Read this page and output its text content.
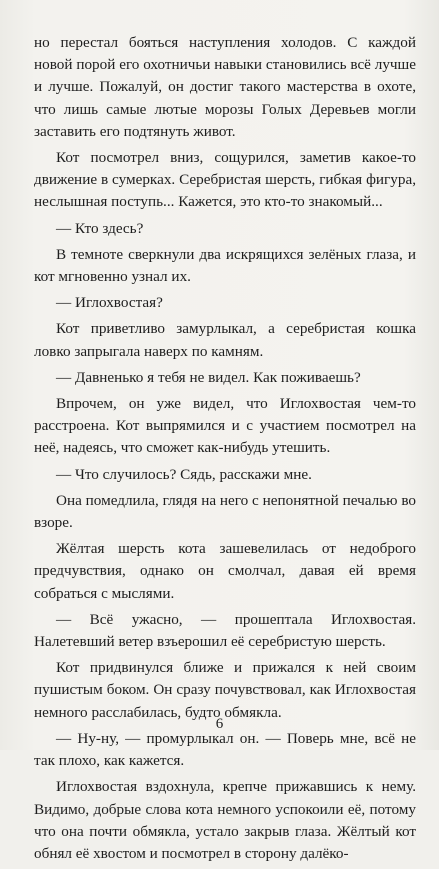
но перестал бояться наступления холодов. С каждой новой порой его охотничьи навыки становились всё лучше и лучше. Пожалуй, он достиг такого мастерства в охоте, что лишь самые лютые морозы Голых Деревьев могли заставить его подтянуть живот.

Кот посмотрел вниз, сощурился, заметив какое-то движение в сумерках. Серебристая шерсть, гибкая фигура, неслышная поступь... Кажется, это кто-то знакомый...

— Кто здесь?

В темноте сверкнули два искрящихся зелёных глаза, и кот мгновенно узнал их.

— Иглохвостая?

Кот приветливо замурлыкал, а серебристая кошка ловко запрыгала наверх по камням.

— Давненько я тебя не видел. Как поживаешь?

Впрочем, он уже видел, что Иглохвостая чем-то расстроена. Кот выпрямился и с участием посмотрел на неё, надеясь, что сможет как-нибудь утешить.

— Что случилось? Сядь, расскажи мне.

Она помедлила, глядя на него с непонятной печалью во взоре.

Жёлтая шерсть кота зашевелилась от недоброго предчувствия, однако он смолчал, давая ей время собраться с мыслями.

— Всё ужасно, — прошептала Иглохвостая. Налетевший ветер взъерошил её серебристую шерсть.

Кот придвинулся ближе и прижался к ней своим пушистым боком. Он сразу почувствовал, как Иглохвостая немного расслабилась, будто обмякла.

— Ну-ну, — промурлыкал он. — Поверь мне, всё не так плохо, как кажется.

Иглохвостая вздохнула, крепче прижавшись к нему. Видимо, добрые слова кота немного успокоили её, потому что она почти обмякла, устало закрыв глаза. Жёлтый кот обнял её хвостом и посмотрел в сторону далёко-

6
